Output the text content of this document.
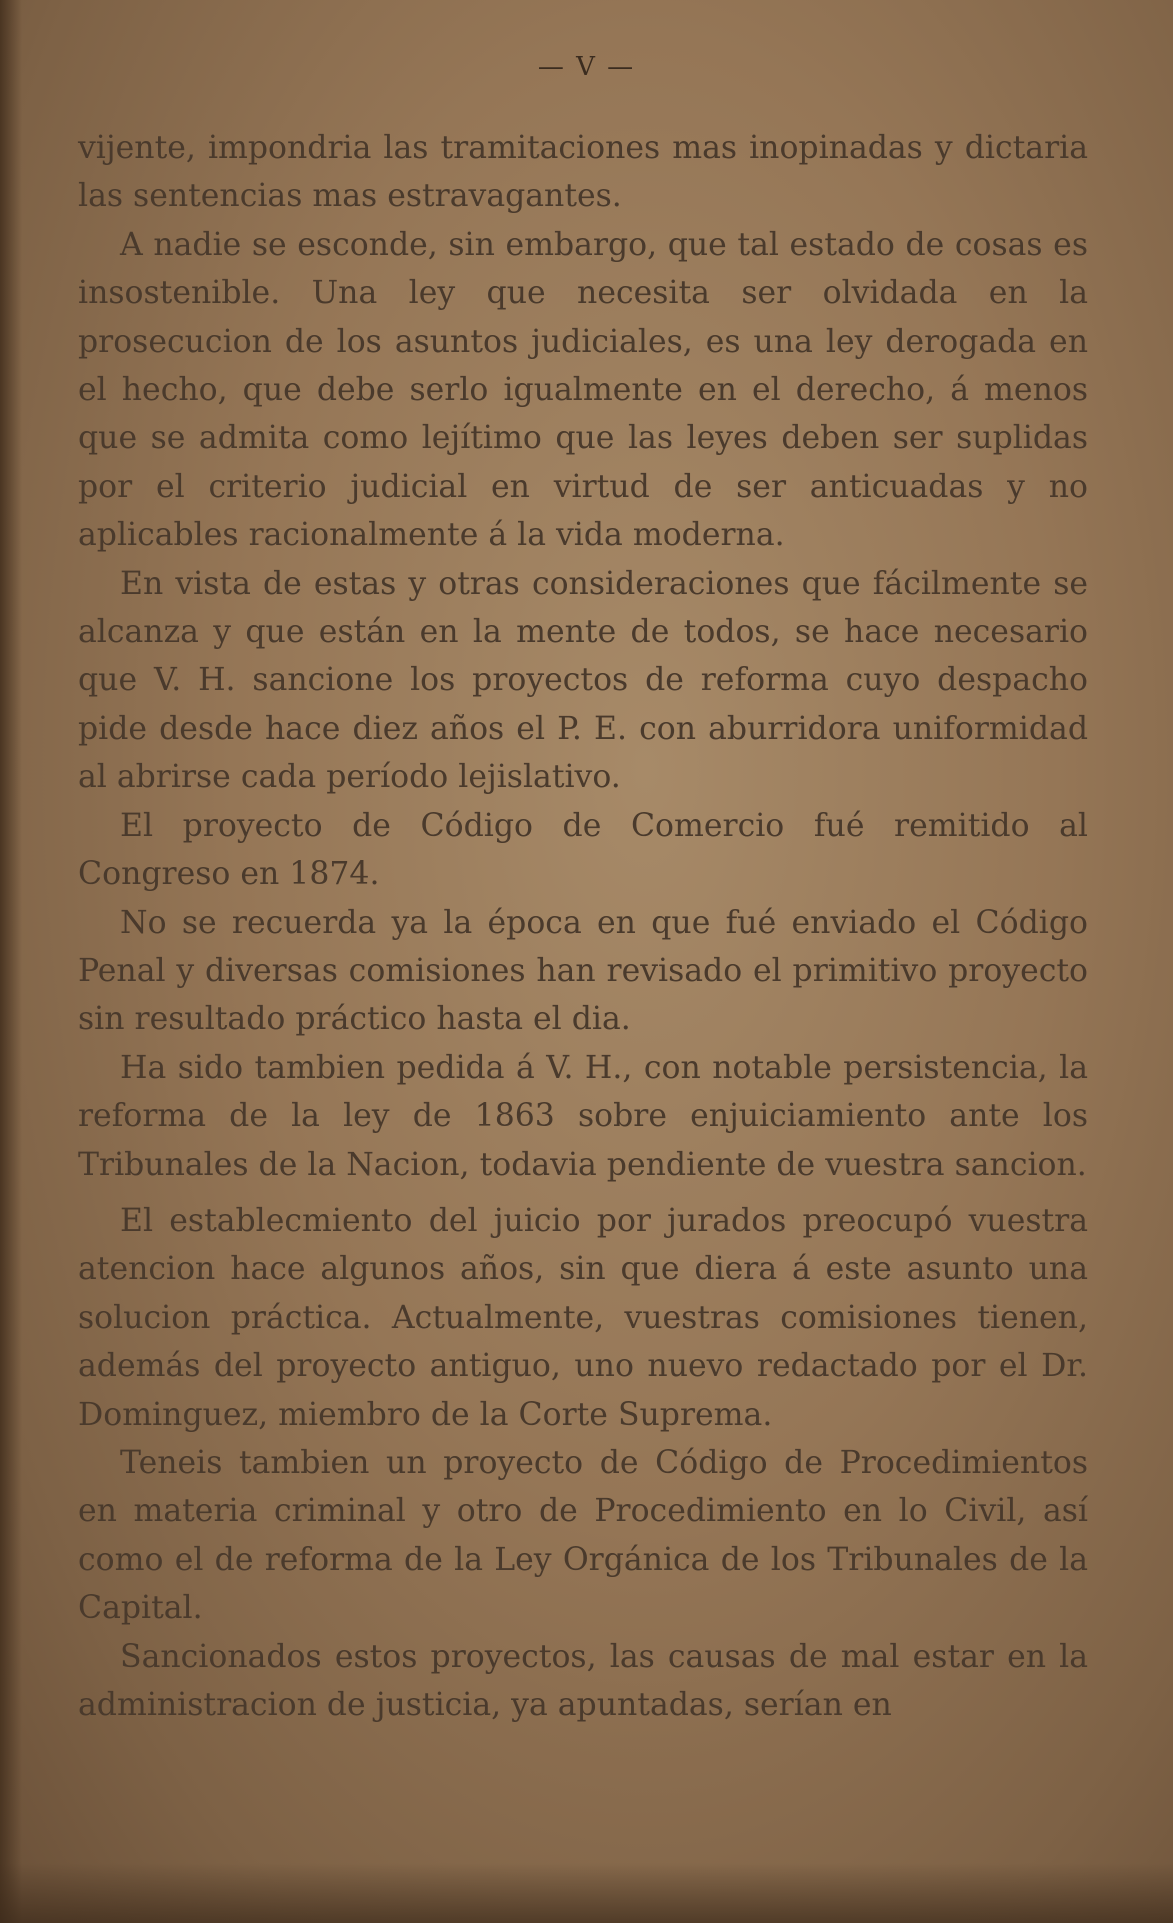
— V —

vijente, impondria las tramitaciones mas inopinadas y dictaria las sentencias mas estravagantes.

A nadie se esconde, sin embargo, que tal estado de cosas es insostenible. Una ley que necesita ser olvidada en la prosecucion de los asuntos judiciales, es una ley derogada en el hecho, que debe serlo igualmente en el derecho, á menos que se admita como lejítimo que las leyes deben ser suplidas por el criterio judicial en virtud de ser anticuadas y no aplicables racionalmente á la vida moderna.

En vista de estas y otras consideraciones que fácilmente se alcanza y que están en la mente de todos, se hace necesario que V. H. sancione los proyectos de reforma cuyo despacho pide desde hace diez años el P. E. con aburridora uniformidad al abrirse cada período lejislativo.

El proyecto de Código de Comercio fué remitido al Congreso en 1874.

No se recuerda ya la época en que fué enviado el Código Penal y diversas comisiones han revisado el primitivo proyecto sin resultado práctico hasta el dia.

Ha sido tambien pedida á V. H., con notable persistencia, la reforma de la ley de 1863 sobre enjuiciamiento ante los Tribunales de la Nacion, todavia pendiente de vuestra sancion.

El establecmiento del juicio por jurados preocupó vuestra atencion hace algunos años, sin que diera á este asunto una solucion práctica. Actualmente, vuestras comisiones tienen, además del proyecto antiguo, uno nuevo redactado por el Dr. Dominguez, miembro de la Corte Suprema.

Teneis tambien un proyecto de Código de Procedimientos en materia criminal y otro de Procedimiento en lo Civil, así como el de reforma de la Ley Orgánica de los Tribunales de la Capital.

Sancionados estos proyectos, las causas de mal estar en la administracion de justicia, ya apuntadas, serían en
